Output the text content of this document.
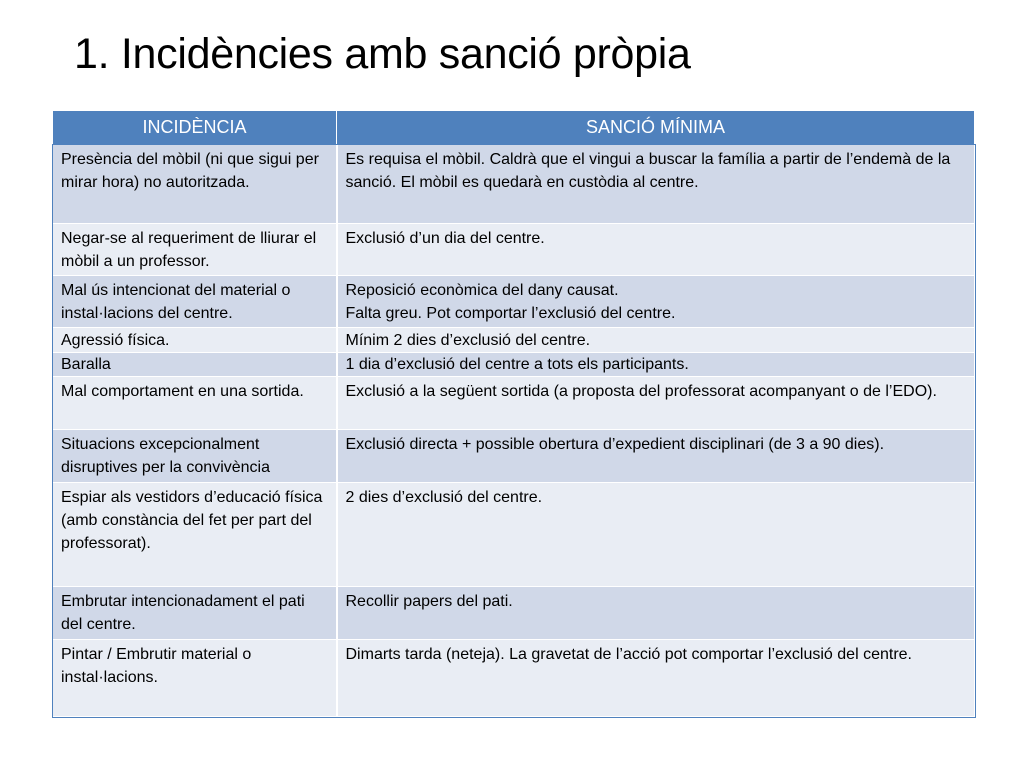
1. Incidències amb sanció pròpia
INCIDÈNCIA	SANCIÓ MÍNIMA
Presència del mòbil (ni que sigui per mirar hora) no autoritzada.	Es requisa el mòbil. Caldrà que el vingui a buscar la família a partir de l’endemà de la sanció. El mòbil es quedarà en custòdia al centre.
Negar-se al requeriment de lliurar el mòbil a un professor.	Exclusió d’un dia del centre.
Mal ús intencionat del material o instal·lacions del centre.	Reposició econòmica del dany causat.
Falta greu. Pot comportar l’exclusió del centre.
Agressió física.	Mínim 2 dies d’exclusió del centre.
Baralla	1 dia d’exclusió del centre a tots els participants.
Mal comportament en una sortida.	Exclusió a la següent sortida (a proposta del professorat acompanyant o de l’EDO).
Situacions excepcionalment disruptives per la convivència	Exclusió directa + possible obertura d’expedient disciplinari (de 3 a 90 dies).
Espiar als vestidors d’educació física (amb constància del fet per part del professorat).	2 dies d’exclusió del centre.
Embrutar intencionadament el pati del centre.	Recollir papers del pati.
Pintar / Embrutir material o instal·lacions.	Dimarts tarda (neteja). La gravetat de l’acció pot comportar l’exclusió del centre.
